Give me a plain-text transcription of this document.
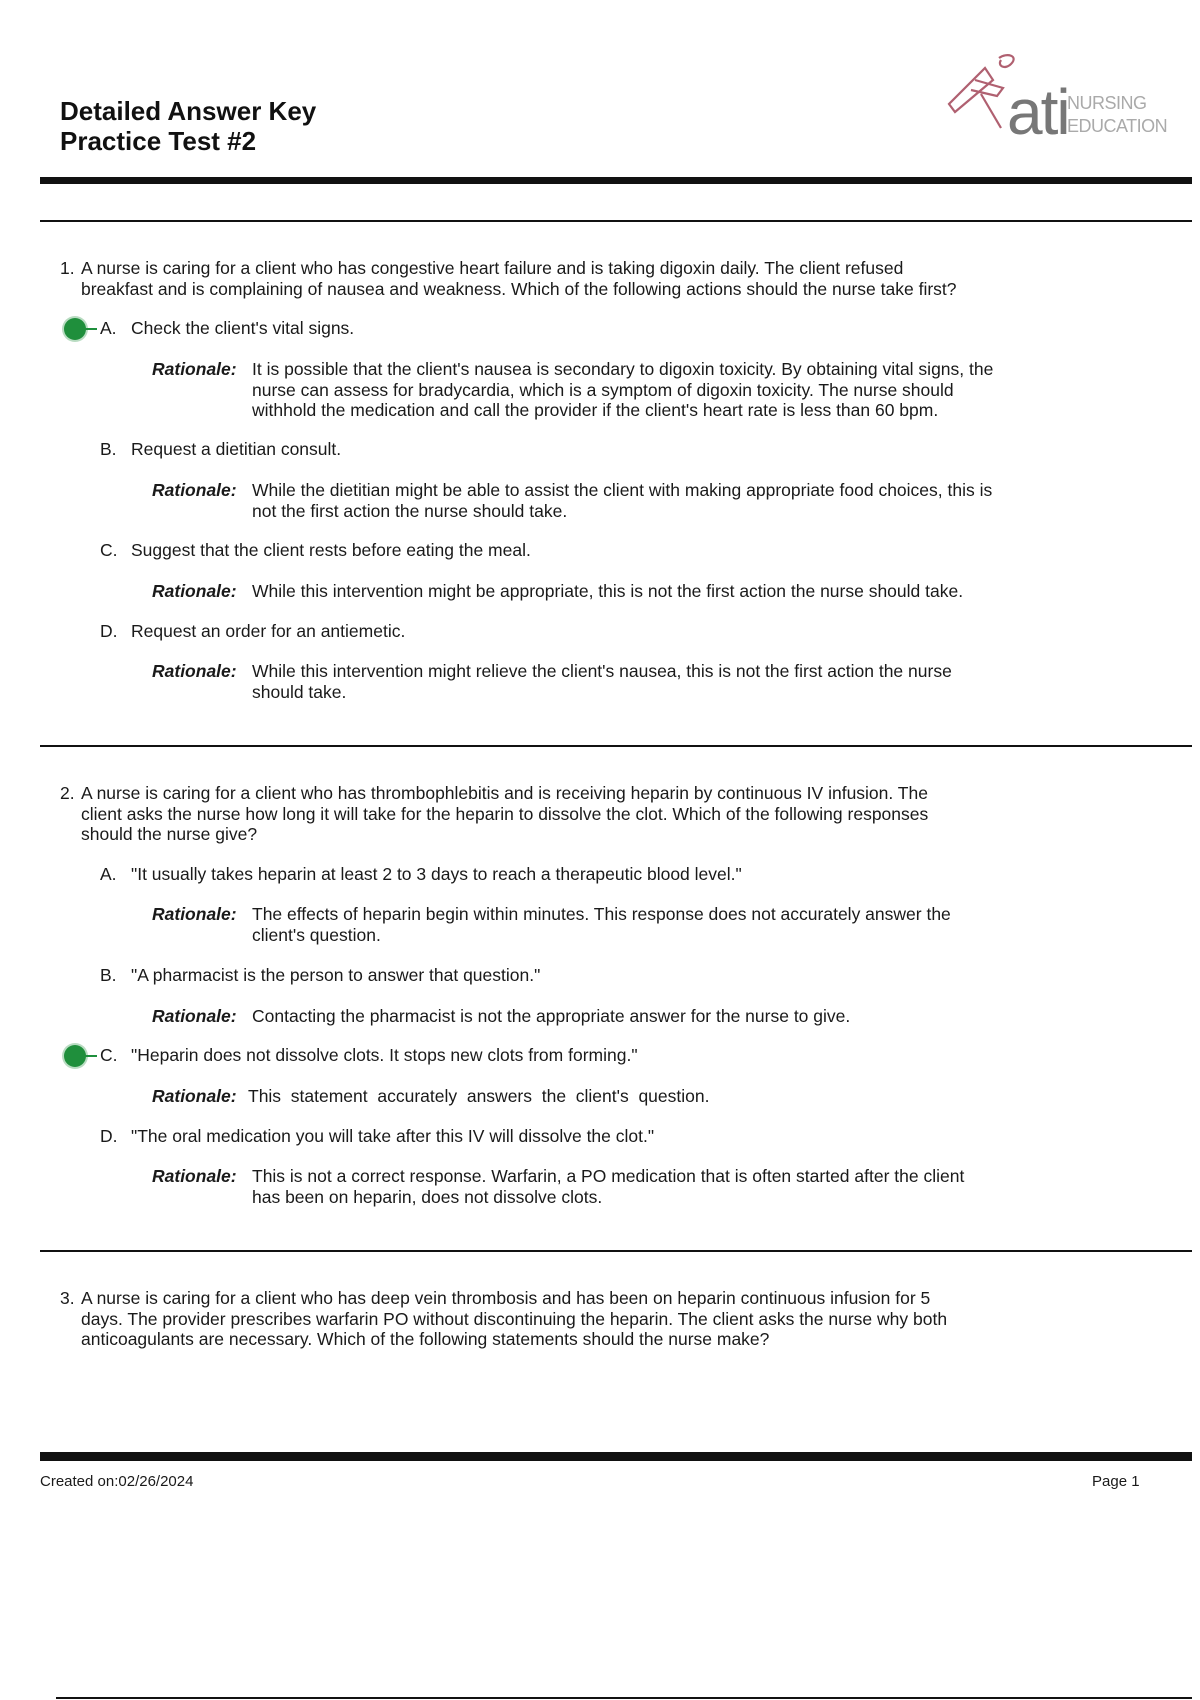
Detailed Answer Key
Practice Test #2	ati
NURSING
EDUCATION
1. A nurse is caring for a client who has congestive heart failure and is taking digoxin daily. The client refused
breakfast and is complaining of nausea and weakness. Which of the following actions should the nurse take first?
A. Check the client's vital signs.
Rationale: It is possible that the client's nausea is secondary to digoxin toxicity. By obtaining vital signs, the
nurse can assess for bradycardia, which is a symptom of digoxin toxicity. The nurse should
withhold the medication and call the provider if the client's heart rate is less than 60 bpm.
B. Request a dietitian consult.
Rationale: While the dietitian might be able to assist the client with making appropriate food choices, this is
not the first action the nurse should take.
C. Suggest that the client rests before eating the meal.
Rationale: While this intervention might be appropriate, this is not the first action the nurse should take.
D. Request an order for an antiemetic.
Rationale: While this intervention might relieve the client's nausea, this is not the first action the nurse
should take.
2. A nurse is caring for a client who has thrombophlebitis and is receiving heparin by continuous IV infusion. The
client asks the nurse how long it will take for the heparin to dissolve the clot. Which of the following responses
should the nurse give?
A. "It usually takes heparin at least 2 to 3 days to reach a therapeutic blood level."
Rationale: The effects of heparin begin within minutes. This response does not accurately answer the
client's question.
B. "A pharmacist is the person to answer that question."
Rationale: Contacting the pharmacist is not the appropriate answer for the nurse to give.
C. "Heparin does not dissolve clots. It stops new clots from forming."
Rationale: This  statement  accurately  answers  the  client's  question.
D. "The oral medication you will take after this IV will dissolve the clot."
Rationale: This is not a correct response. Warfarin, a PO medication that is often started after the client
has been on heparin, does not dissolve clots.
3. A nurse is caring for a client who has deep vein thrombosis and has been on heparin continuous infusion for 5
days. The provider prescribes warfarin PO without discontinuing the heparin. The client asks the nurse why both
anticoagulants are necessary. Which of the following statements should the nurse make?
Created on:02/26/2024	Page 1
